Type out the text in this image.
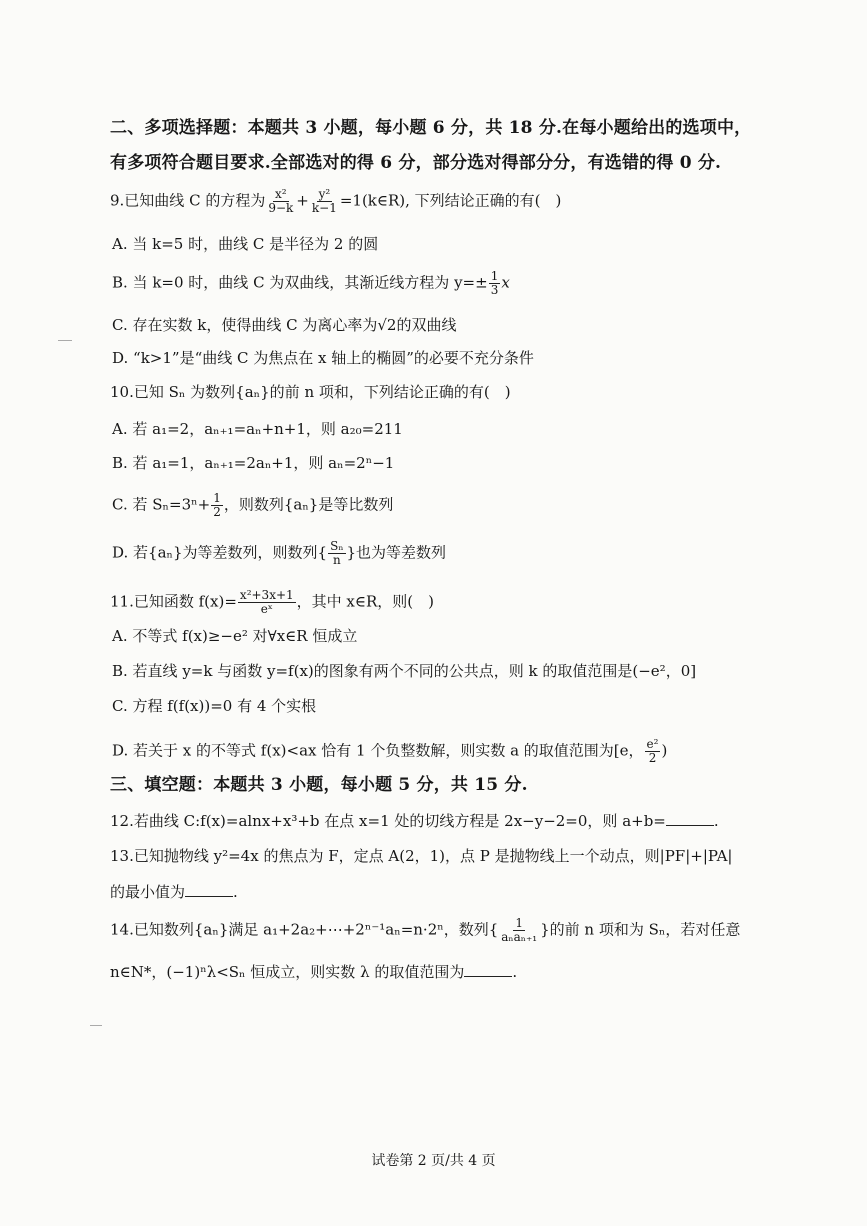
二、多项选择题：本题共 3 小题，每小题 6 分，共 18 分.在每小题给出的选项中，
有多项符合题目要求.全部选对的得 6 分，部分选对得部分分，有选错的得 0 分.
9.已知曲线 C 的方程为 $\frac{\text{x²}}{9-k} + \frac{\text{y²}}{k-1}$ =1(k∈R), 下列结论正确的有(　)
A. 当 k=5 时，曲线 C 是半径为 2 的圆
B. 当 k=0 时，曲线 C 为双曲线，其渐近线方程为 $y=\pm \frac{1}{3}$ x
C. 存在实数 k，使得曲线 C 为离心率为√2的双曲线
D. “k>1”是“曲线 C 为焦点在 x 轴上的椭圆”的必要不充分条件
10.已知 Sₙ 为数列{aₙ}的前 n 项和，下列结论正确的有(　)
A. 若 a₁=2，aₙ₊₁=aₙ+n+1，则 a₂₀=211
B. 若 a₁=1，aₙ₊₁=2aₙ+1，则 aₙ=2ⁿ−1
C. 若 $S_n=3^n+ \frac{1}{2}$ ，则数列{aₙ}是等比数列
D. 若{aₙ}为等差数列，则数列{ $\frac{\text{Sₙ}}{n}$ }也为等差数列
11.已知函数 $f(x)= \frac{\text{x²+3x+1}}{\text{eˣ}}$ ，其中 x∈R，则(　)
A. 不等式 f(x)≥−e² 对∀x∈R 恒成立
B. 若直线 y=k 与函数 y=f(x)的图象有两个不同的公共点，则 k 的取值范围是(−e²，0]
C. 方程 f(f(x))=0 有 4 个实根
D. 若关于 x 的不等式 f(x)<ax 恰有 1 个负整数解，则实数 a 的取值范围为[e， $\frac{\text{e²}}{2}$ )
三、填空题：本题共 3 小题，每小题 5 分，共 15 分.
12.若曲线 C:f(x)=alnx+x³+b 在点 x=1 处的切线方程是 2x−y−2=0，则 a+b=	.
13.已知抛物线 y²=4x 的焦点为 F，定点 A(2，1)，点 P 是抛物线上一个动点，则|PF|+|PA|
的最小值为	.
14.已知数列{aₙ}满足 a₁+2a₂+⋯+2ⁿ⁻¹aₙ=n·2ⁿ，数列{ $\frac{1}{\text{aₙaₙ₊₁}}$ }的前 n 项和为 Sₙ，若对任意
n∈N*，(−1)ⁿλ<Sₙ 恒成立，则实数 λ 的取值范围为	.
试卷第 2 页/共 4 页
